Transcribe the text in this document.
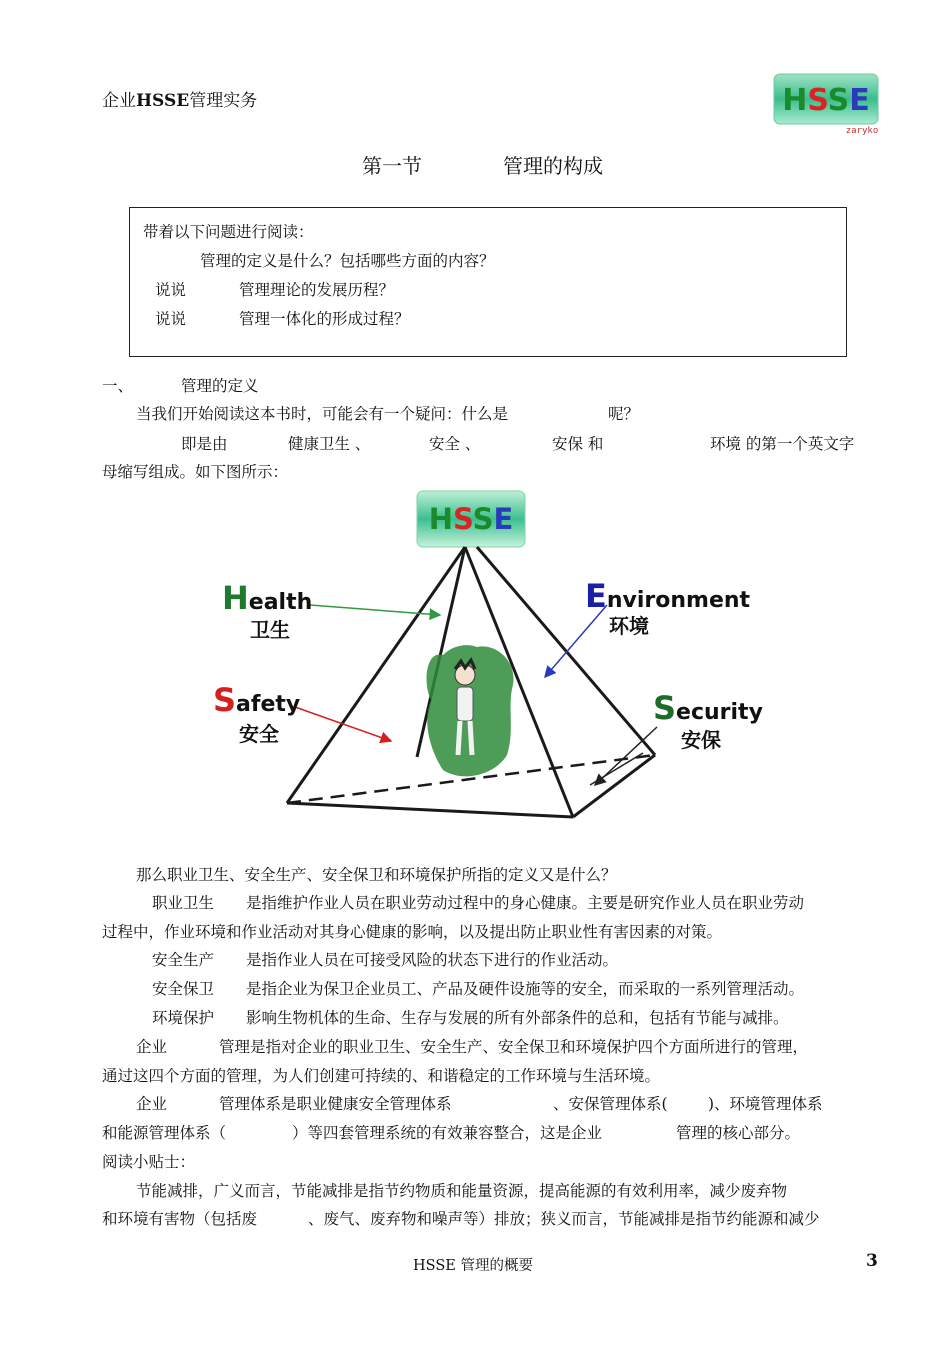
企业HSSE管理实务	HSSE
zaryko
第一节	管理的构成
带着以下问题进行阅读：
管理的定义是什么？包括哪些方面的内容？
说说	管理理论的发展历程？
说说	管理一体化的形成过程？
一、	管理的定义
当我们开始阅读这本书时，可能会有一个疑问：什么是	呢？
即是由	健康卫生 、	安全 、	安保 和	环境 的第一个英文字
母缩写组成。如下图所示：
HSSE
Health	Environment
Safety	Security
卫生	环境
安全	安保
那么职业卫生、安全生产、安全保卫和环境保护所指的定义又是什么？
职业卫生 是指维护作业人员在职业劳动过程中的身心健康。主要是研究作业人员在职业劳动
过程中，作业环境和作业活动对其身心健康的影响，以及提出防止职业性有害因素的对策。
安全生产 是指作业人员在可接受风险的状态下进行的作业活动。
安全保卫 是指企业为保卫企业员工、产品及硬件设施等的安全，而采取的一系列管理活动。
环境保护 影响生物机体的生命、生存与发展的所有外部条件的总和，包括有节能与减排。
企业	管理是指对企业的职业卫生、安全生产、安全保卫和环境保护四个方面所进行的管理，
通过这四个方面的管理，为人们创建可持续的、和谐稳定的工作环境与生活环境。
企业	管理体系是职业健康安全管理体系	、安保管理体系(	)、环境管理体系
和能源管理体系（	）等四套管理系统的有效兼容整合，这是企业	管理的核心部分。
阅读小贴士：
节能减排，广义而言，节能减排是指节约物质和能量资源，提高能源的有效利用率，减少废弃物
和环境有害物（包括废	、废气、废弃物和噪声等）排放；狭义而言，节能减排是指节约能源和减少
HSSE 管理的概要	3
